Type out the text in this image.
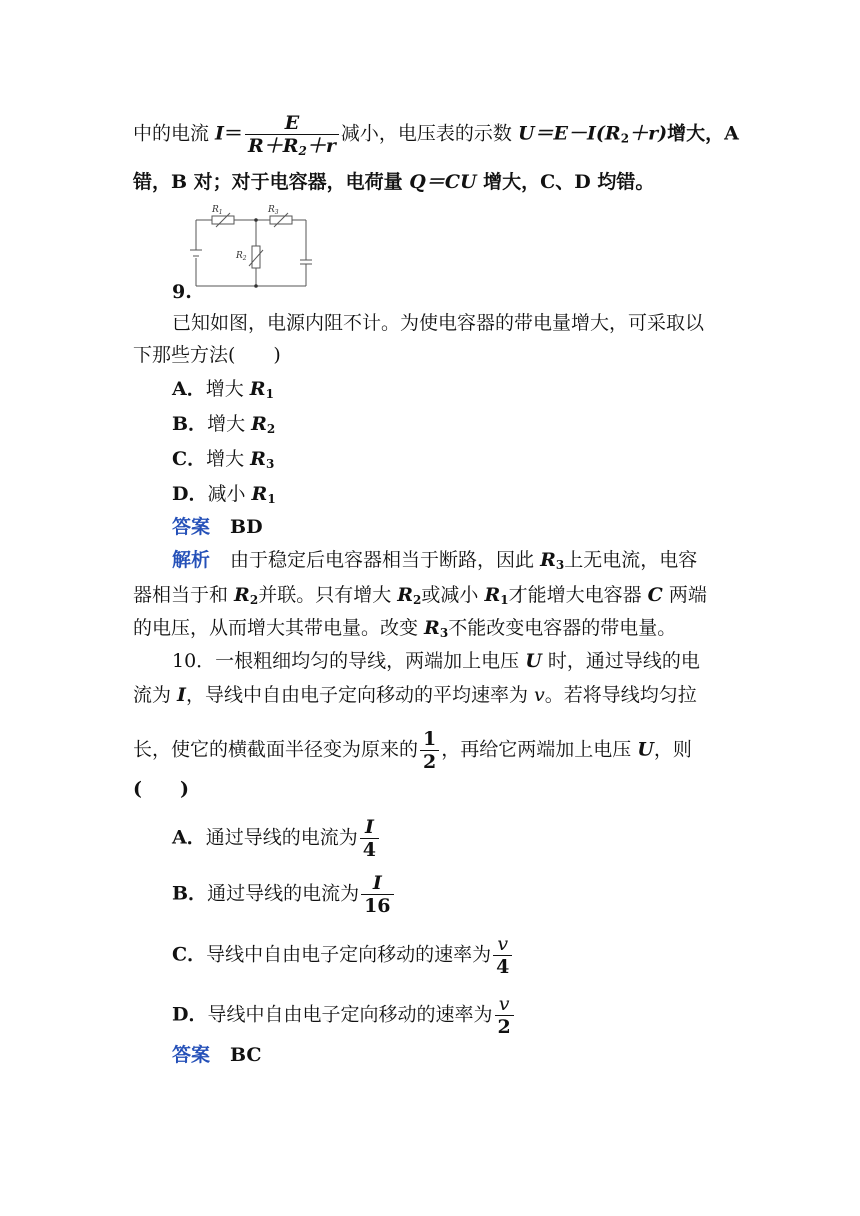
中的电流 $I= \frac{E}{R+R_2+r}$ 减小，电压表的示数 $U=E-I(R_2+r)$增大，A
错，B 对；对于电容器，电荷量 Q＝CU 增大，C、D 均错。
$R_1$	$R_3$
$R_2$
9.
已知如图，电源内阻不计。为使电容器的带电量增大，可采取以
下那些方法(　　)
A．增大 $R_1$
B．增大 $R_2$
C．增大 $R_3$
D．减小 $R_1$
答案 BD
解析 由于稳定后电容器相当于断路，因此 $R_3$上无电流，电容
器相当于和 $R_2$并联。只有增大 $R_2$或减小 $R_1$才能增大电容器 C 两端
的电压，从而增大其带电量。改变 $R_3$不能改变电容器的带电量。
10．一根粗细均匀的导线，两端加上电压 U 时，通过导线的电
流为 I，导线中自由电子定向移动的平均速率为 v。若将导线均匀拉
长，使它的横截面半径变为原来的 $\frac{1}{2}$ ，再给它两端加上电压 U，则
(　　)
A．通过导线的电流为 $\frac{I}{4}$
B．通过导线的电流为 $\frac{I}{16}$
C．导线中自由电子定向移动的速率为 $\frac{v}{4}$
D．导线中自由电子定向移动的速率为 $\frac{v}{2}$
答案 BC
